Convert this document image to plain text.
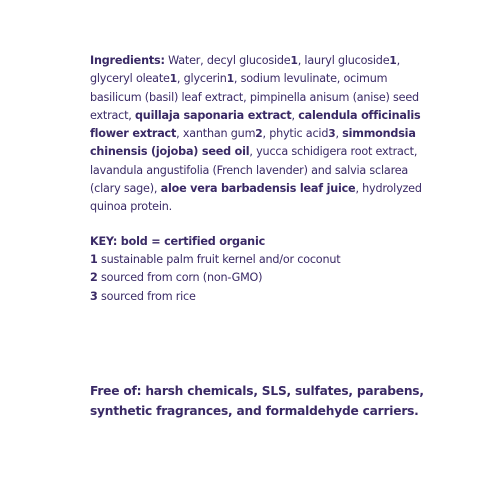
Ingredients: Water, decyl glucoside1, lauryl glucoside1, glyceryl oleate1, glycerin1, sodium levulinate, ocimum basilicum (basil) leaf extract, pimpinella anisum (anise) seed extract, quillaja saponaria extract, calendula officinalis flower extract, xanthan gum2, phytic acid3, simmondsia chinensis (jojoba) seed oil, yucca schidigera root extract, lavandula angustifolia (French lavender) and salvia sclarea (clary sage), aloe vera barbadensis leaf juice, hydrolyzed quinoa protein.

KEY: bold = certified organic
1 sustainable palm fruit kernel and/or coconut
2 sourced from corn (non-GMO)
3 sourced from rice
Free of: harsh chemicals, SLS, sulfates, parabens, synthetic fragrances, and formaldehyde carriers.
